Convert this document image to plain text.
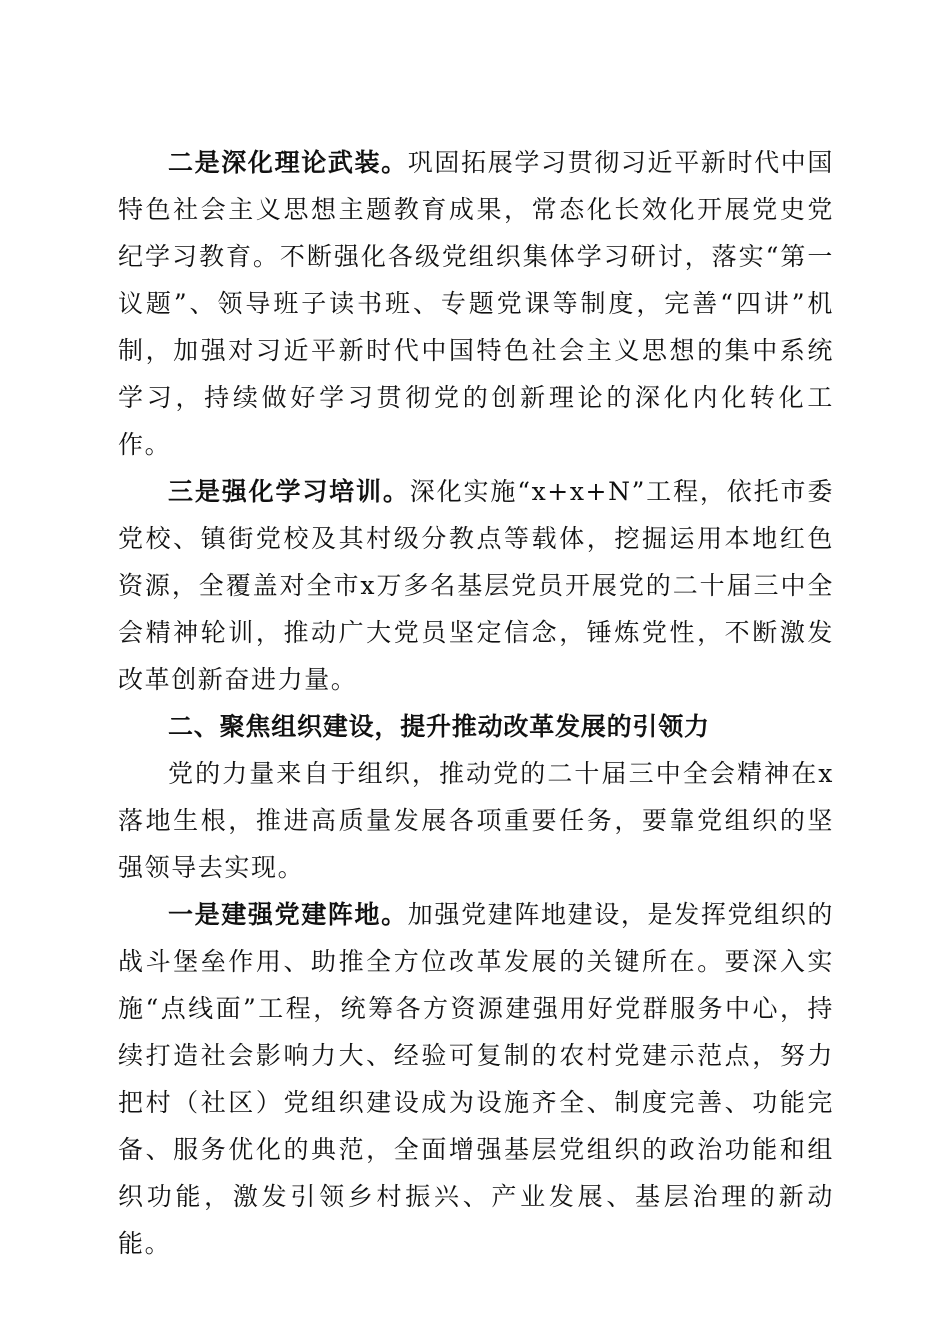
二是深化理论武装。巩固拓展学习贯彻习近平新时代中国特色社会主义思想主题教育成果，常态化长效化开展党史党纪学习教育。不断强化各级党组织集体学习研讨，落实“第一议题”、领导班子读书班、专题党课等制度，完善“四讲”机制，加强对习近平新时代中国特色社会主义思想的集中系统学习，持续做好学习贯彻党的创新理论的深化内化转化工作。

三是强化学习培训。深化实施“x+x+N”工程，依托市委党校、镇街党校及其村级分教点等载体，挖掘运用本地红色资源，全覆盖对全市x万多名基层党员开展党的二十届三中全会精神轮训，推动广大党员坚定信念，锤炼党性，不断激发改革创新奋进力量。

二、聚焦组织建设，提升推动改革发展的引领力

党的力量来自于组织，推动党的二十届三中全会精神在x落地生根，推进高质量发展各项重要任务，要靠党组织的坚强领导去实现。

一是建强党建阵地。加强党建阵地建设，是发挥党组织的战斗堡垒作用、助推全方位改革发展的关键所在。要深入实施“点线面”工程，统筹各方资源建强用好党群服务中心，持续打造社会影响力大、经验可复制的农村党建示范点，努力把村（社区）党组织建设成为设施齐全、制度完善、功能完备、服务优化的典范，全面增强基层党组织的政治功能和组织功能，激发引领乡村振兴、产业发展、基层治理的新动能。
